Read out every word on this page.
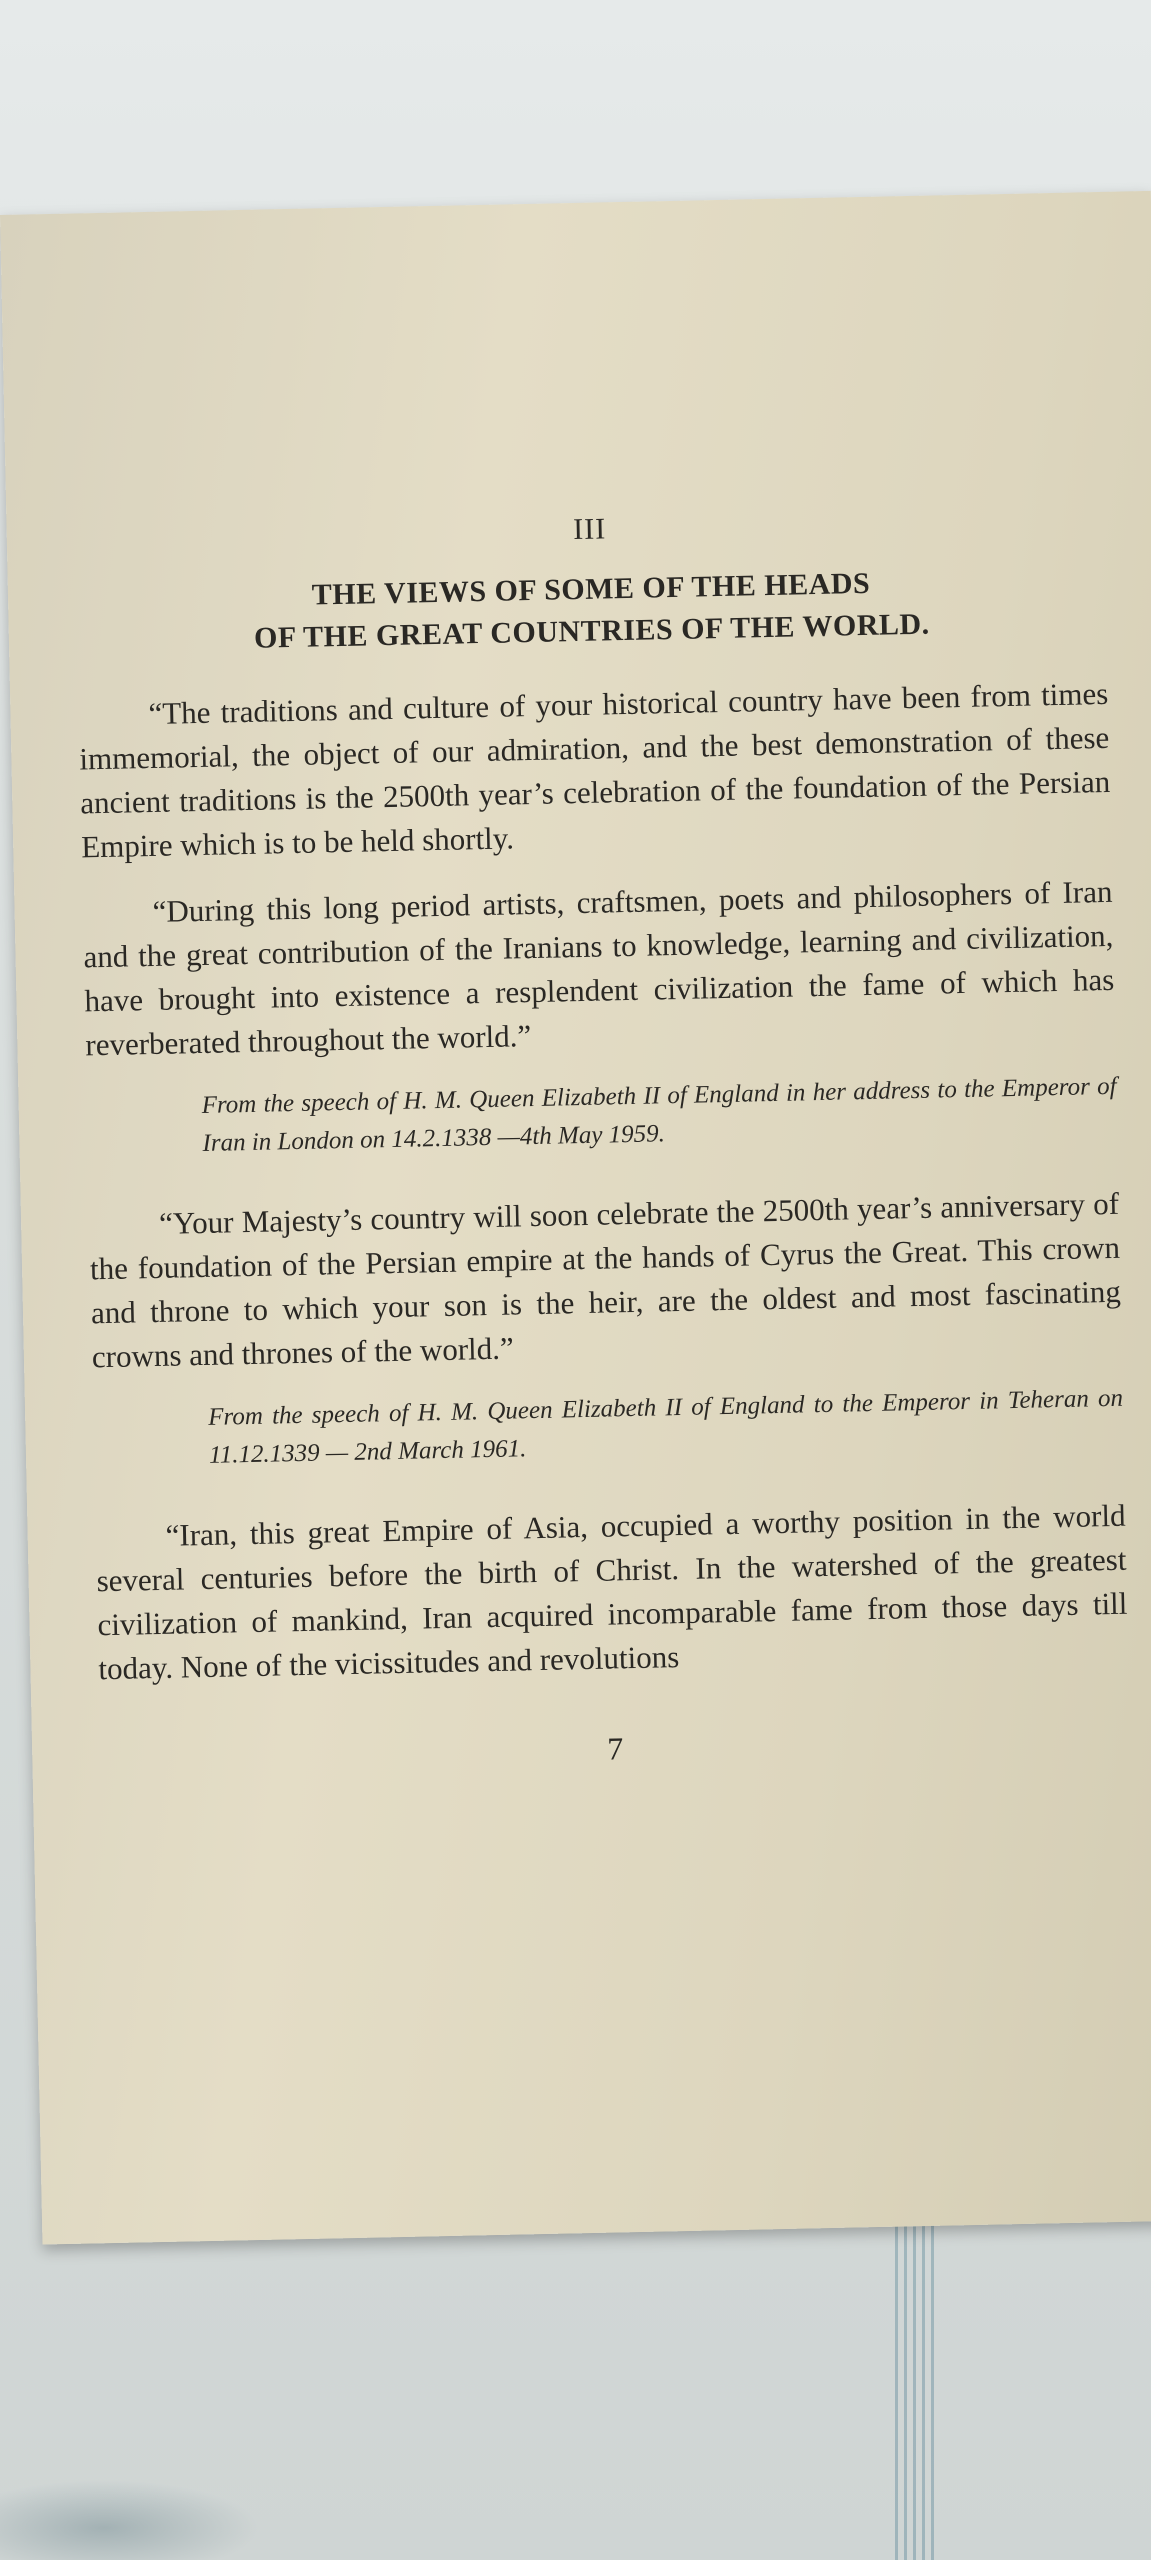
III
THE VIEWS OF SOME OF THE HEADS
OF THE GREAT COUNTRIES OF THE WORLD.

“The traditions and culture of your historical country have been from times immemorial, the object of our admiration, and the best demonstration of these ancient traditions is the 2500th year’s celebration of the foundation of the Persian Empire which is to be held shortly.

“During this long period artists, craftsmen, poets and philosophers of Iran and the great contribution of the Iranians to knowledge, learning and civilization, have brought into existence a resplendent civilization the fame of which has reverberated throughout the world.”

From the speech of H. M. Queen Elizabeth II of England in her address to the Emperor of Iran in London on 14.2.1338 —4th May 1959.

“Your Majesty’s country will soon celebrate the 2500th year’s anniversary of the foundation of the Persian empire at the hands of Cyrus the Great. This crown and throne to which your son is the heir, are the oldest and most fascinating crowns and thrones of the world.”

From the speech of H. M. Queen Elizabeth II of England to the Emperor in Teheran on 11.12.1339 — 2nd March 1961.

“Iran, this great Empire of Asia, occupied a worthy position in the world several centuries before the birth of Christ. In the watershed of the greatest civilization of mankind, Iran acquired incomparable fame from those days till today. None of the vicissitudes and revolutions

7
